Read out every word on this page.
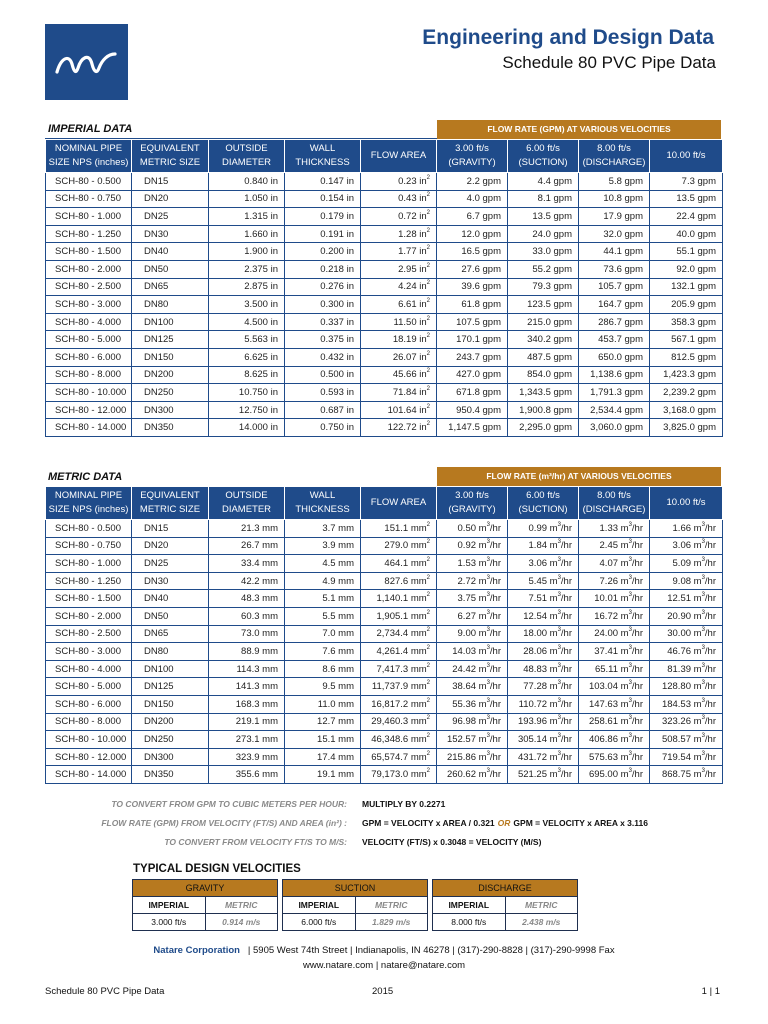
Engineering and Design Data
Schedule 80 PVC Pipe Data
IMPERIAL DATA	FLOW RATE (GPM) AT VARIOUS VELOCITIES
NOMINAL PIPE SIZE NPS (inches)	EQUIVALENT METRIC SIZE	OUTSIDE DIAMETER	WALL THICKNESS	FLOW AREA	3.00 ft/s (GRAVITY)	6.00 ft/s (SUCTION)	8.00 ft/s (DISCHARGE)	10.00 ft/s
SCH-80 - 0.500	DN15	0.840 in	0.147 in	0.23 $in^2$	2.2 gpm	4.4 gpm	5.8 gpm	7.3 gpm
SCH-80 - 0.750	DN20	1.050 in	0.154 in	0.43 $in^2$	4.0 gpm	8.1 gpm	10.8 gpm	13.5 gpm
SCH-80 - 1.000	DN25	1.315 in	0.179 in	0.72 $in^2$	6.7 gpm	13.5 gpm	17.9 gpm	22.4 gpm
SCH-80 - 1.250	DN30	1.660 in	0.191 in	1.28 $in^2$	12.0 gpm	24.0 gpm	32.0 gpm	40.0 gpm
SCH-80 - 1.500	DN40	1.900 in	0.200 in	1.77 $in^2$	16.5 gpm	33.0 gpm	44.1 gpm	55.1 gpm
SCH-80 - 2.000	DN50	2.375 in	0.218 in	2.95 $in^2$	27.6 gpm	55.2 gpm	73.6 gpm	92.0 gpm
SCH-80 - 2.500	DN65	2.875 in	0.276 in	4.24 $in^2$	39.6 gpm	79.3 gpm	105.7 gpm	132.1 gpm
SCH-80 - 3.000	DN80	3.500 in	0.300 in	6.61 $in^2$	61.8 gpm	123.5 gpm	164.7 gpm	205.9 gpm
SCH-80 - 4.000	DN100	4.500 in	0.337 in	11.50 $in^2$	107.5 gpm	215.0 gpm	286.7 gpm	358.3 gpm
SCH-80 - 5.000	DN125	5.563 in	0.375 in	18.19 $in^2$	170.1 gpm	340.2 gpm	453.7 gpm	567.1 gpm
SCH-80 - 6.000	DN150	6.625 in	0.432 in	26.07 $in^2$	243.7 gpm	487.5 gpm	650.0 gpm	812.5 gpm
SCH-80 - 8.000	DN200	8.625 in	0.500 in	45.66 $in^2$	427.0 gpm	854.0 gpm	1,138.6 gpm	1,423.3 gpm
SCH-80 - 10.000	DN250	10.750 in	0.593 in	71.84 $in^2$	671.8 gpm	1,343.5 gpm	1,791.3 gpm	2,239.2 gpm
SCH-80 - 12.000	DN300	12.750 in	0.687 in	101.64 $in^2$	950.4 gpm	1,900.8 gpm	2,534.4 gpm	3,168.0 gpm
SCH-80 - 14.000	DN350	14.000 in	0.750 in	122.72 $in^2$	1,147.5 gpm	2,295.0 gpm	3,060.0 gpm	3,825.0 gpm
METRIC DATA	FLOW RATE (m³/hr) AT VARIOUS VELOCITIES
NOMINAL PIPE SIZE NPS (inches)	EQUIVALENT METRIC SIZE	OUTSIDE DIAMETER	WALL THICKNESS	FLOW AREA	3.00 ft/s (GRAVITY)	6.00 ft/s (SUCTION)	8.00 ft/s (DISCHARGE)	10.00 ft/s
SCH-80 - 0.500	DN15	21.3 mm	3.7 mm	151.1 $mm^2$	0.50 $m^3/hr$	0.99 $m^3/hr$	1.33 $m^3/hr$	1.66 $m^3/hr$
SCH-80 - 0.750	DN20	26.7 mm	3.9 mm	279.0 $mm^2$	0.92 $m^3/hr$	1.84 $m^3/hr$	2.45 $m^3/hr$	3.06 $m^3/hr$
SCH-80 - 1.000	DN25	33.4 mm	4.5 mm	464.1 $mm^2$	1.53 $m^3/hr$	3.06 $m^3/hr$	4.07 $m^3/hr$	5.09 $m^3/hr$
SCH-80 - 1.250	DN30	42.2 mm	4.9 mm	827.6 $mm^2$	2.72 $m^3/hr$	5.45 $m^3/hr$	7.26 $m^3/hr$	9.08 $m^3/hr$
SCH-80 - 1.500	DN40	48.3 mm	5.1 mm	1,140.1 $mm^2$	3.75 $m^3/hr$	7.51 $m^3/hr$	10.01 $m^3/hr$	12.51 $m^3/hr$
SCH-80 - 2.000	DN50	60.3 mm	5.5 mm	1,905.1 $mm^2$	6.27 $m^3/hr$	12.54 $m^3/hr$	16.72 $m^3/hr$	20.90 $m^3/hr$
SCH-80 - 2.500	DN65	73.0 mm	7.0 mm	2,734.4 $mm^2$	9.00 $m^3/hr$	18.00 $m^3/hr$	24.00 $m^3/hr$	30.00 $m^3/hr$
SCH-80 - 3.000	DN80	88.9 mm	7.6 mm	4,261.4 $mm^2$	14.03 $m^3/hr$	28.06 $m^3/hr$	37.41 $m^3/hr$	46.76 $m^3/hr$
SCH-80 - 4.000	DN100	114.3 mm	8.6 mm	7,417.3 $mm^2$	24.42 $m^3/hr$	48.83 $m^3/hr$	65.11 $m^3/hr$	81.39 $m^3/hr$
SCH-80 - 5.000	DN125	141.3 mm	9.5 mm	11,737.9 $mm^2$	38.64 $m^3/hr$	77.28 $m^3/hr$	103.04 $m^3/hr$	128.80 $m^3/hr$
SCH-80 - 6.000	DN150	168.3 mm	11.0 mm	16,817.2 $mm^2$	55.36 $m^3/hr$	110.72 $m^3/hr$	147.63 $m^3/hr$	184.53 $m^3/hr$
SCH-80 - 8.000	DN200	219.1 mm	12.7 mm	29,460.3 $mm^2$	96.98 $m^3/hr$	193.96 $m^3/hr$	258.61 $m^3/hr$	323.26 $m^3/hr$
SCH-80 - 10.000	DN250	273.1 mm	15.1 mm	46,348.6 $mm^2$	152.57 $m^3/hr$	305.14 $m^3/hr$	406.86 $m^3/hr$	508.57 $m^3/hr$
SCH-80 - 12.000	DN300	323.9 mm	17.4 mm	65,574.7 $mm^2$	215.86 $m^3/hr$	431.72 $m^3/hr$	575.63 $m^3/hr$	719.54 $m^3/hr$
SCH-80 - 14.000	DN350	355.6 mm	19.1 mm	79,173.0 $mm^2$	260.62 $m^3/hr$	521.25 $m^3/hr$	695.00 $m^3/hr$	868.75 $m^3/hr$
TO CONVERT FROM GPM TO CUBIC METERS PER HOUR: MULTIPLY BY 0.2271
FLOW RATE (GPM) FROM VELOCITY (FT/S) AND AREA (in²) : GPM = VELOCITY x AREA / 0.321 OR GPM = VELOCITY x AREA x 3.116
TO CONVERT FROM VELOCITY FT/S TO M/S: VELOCITY (FT/S) x 0.3048 = VELOCITY (M/S)
TYPICAL DESIGN VELOCITIES
GRAVITY			SUCTION			DISCHARGE	
IMPERIAL	METRIC		IMPERIAL	METRIC		IMPERIAL	METRIC
3.000 ft/s	0.914 m/s		6.000 ft/s	1.829 m/s		8.000 ft/s	2.438 m/s
Natare Corporation | 5905 West 74th Street | Indianapolis, IN 46278 | (317)-290-8828 | (317)-290-9998 Fax
www.natare.com | natare@natare.com
Schedule 80 PVC Pipe Data	2015	1 | 1
